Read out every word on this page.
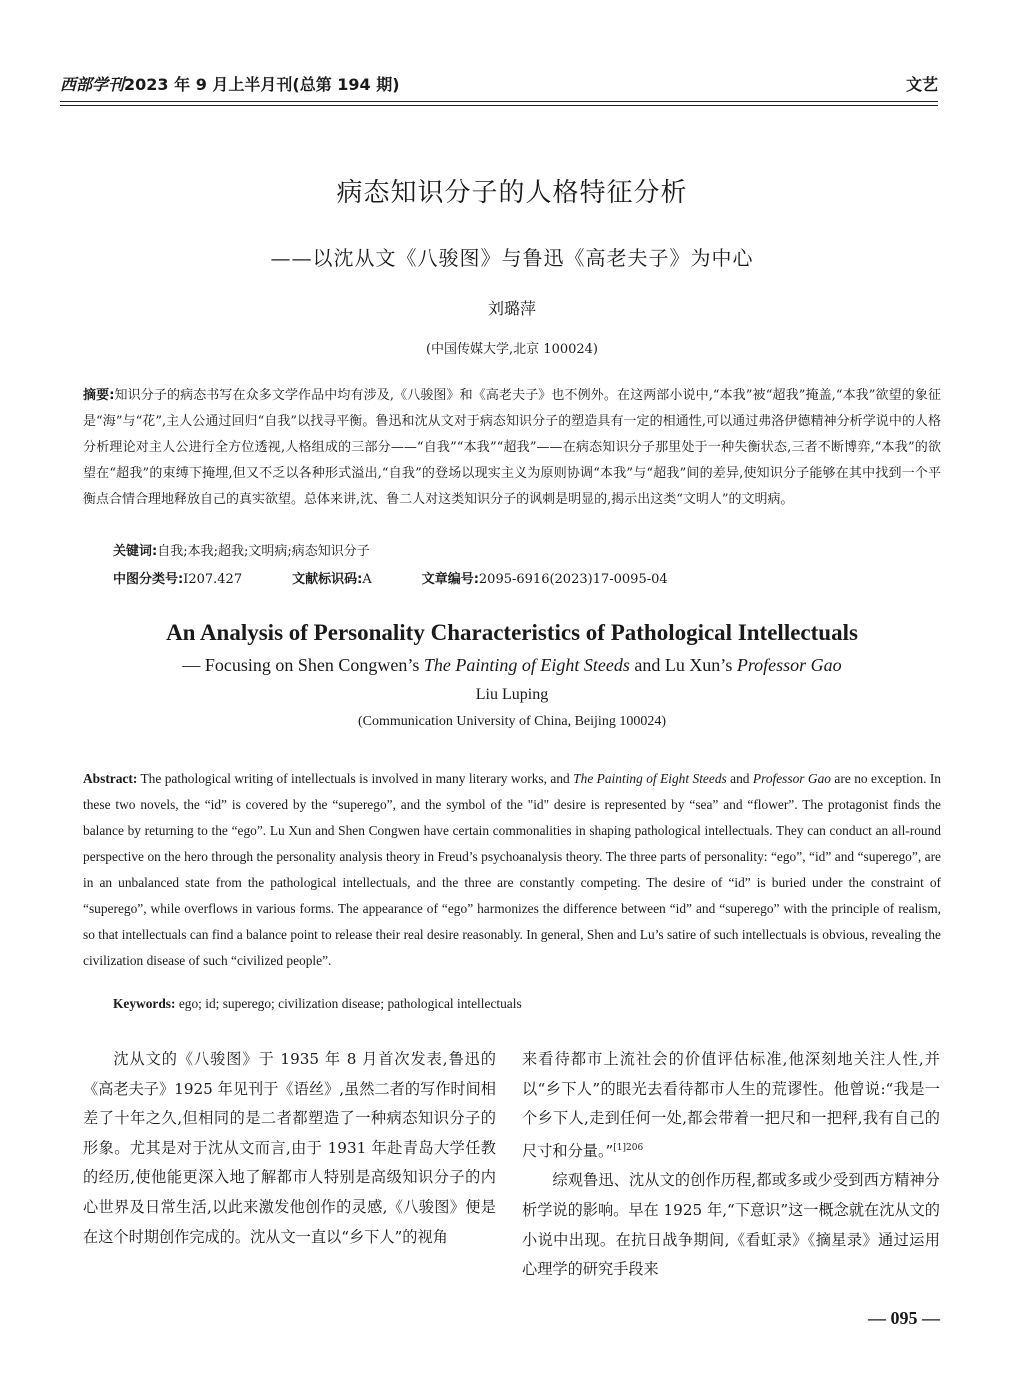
西部学刊2023 年 9 月上半月刊(总第 194 期)	文艺
病态知识分子的人格特征分析
——以沈从文《八骏图》与鲁迅《高老夫子》为中心
刘璐萍
(中国传媒大学,北京 100024)
摘要:知识分子的病态书写在众多文学作品中均有涉及,《八骏图》和《高老夫子》也不例外。在这两部小说中,“本我”被“超我”掩盖,“本我”欲望的象征是“海”与“花”,主人公通过回归“自我”以找寻平衡。鲁迅和沈从文对于病态知识分子的塑造具有一定的相通性,可以通过弗洛伊德精神分析学说中的人格分析理论对主人公进行全方位透视,人格组成的三部分——“自我”“本我”“超我”——在病态知识分子那里处于一种失衡状态,三者不断博弈,“本我”的欲望在“超我”的束缚下掩埋,但又不乏以各种形式溢出,“自我”的登场以现实主义为原则协调“本我”与“超我”间的差异,使知识分子能够在其中找到一个平衡点合情合理地释放自己的真实欲望。总体来讲,沈、鲁二人对这类知识分子的讽刺是明显的,揭示出这类“文明人”的文明病。
关键词:自我;本我;超我;文明病;病态知识分子
中图分类号:I207.427	文献标识码:A	文章编号:2095-6916(2023)17-0095-04
An Analysis of Personality Characteristics of Pathological Intellectuals
— Focusing on Shen Congwen’s The Painting of Eight Steeds and Lu Xun’s Professor Gao
Liu Luping
(Communication University of China, Beijing 100024)
Abstract: The pathological writing of intellectuals is involved in many literary works, and The Painting of Eight Steeds and Professor Gao are no exception. In these two novels, the “id” is covered by the “superego”, and the symbol of the "id" desire is represented by “sea” and “flower”. The protagonist finds the balance by returning to the “ego”. Lu Xun and Shen Congwen have certain commonalities in shaping pathological intellectuals. They can conduct an all-round perspective on the hero through the personality analysis theory in Freud’s psychoanalysis theory. The three parts of personality: “ego”, “id” and “superego”, are in an unbalanced state from the pathological intellectuals, and the three are constantly competing. The desire of “id” is buried under the constraint of “superego”, while overflows in various forms. The appearance of “ego” harmonizes the difference between “id” and “superego” with the principle of realism, so that intellectuals can find a balance point to release their real desire reasonably. In general, Shen and Lu’s satire of such intellectuals is obvious, revealing the civilization disease of such “civilized people”.
Keywords: ego; id; superego; civilization disease; pathological intellectuals

沈从文的《八骏图》于 1935 年 8 月首次发表,鲁迅的《高老夫子》1925 年见刊于《语丝》,虽然二者的写作时间相差了十年之久,但相同的是二者都塑造了一种病态知识分子的形象。尤其是对于沈从文而言,由于 1931 年赴青岛大学任教的经历,使他能更深入地了解都市人特别是高级知识分子的内心世界及日常生活,以此来激发他创作的灵感,《八骏图》便是在这个时期创作完成的。沈从文一直以“乡下人”的视角

来看待都市上流社会的价值评估标准,他深刻地关注人性,并以“乡下人”的眼光去看待都市人生的荒谬性。他曾说:“我是一个乡下人,走到任何一处,都会带着一把尺和一把秤,我有自己的尺寸和分量。”$^{[1]206}$

综观鲁迅、沈从文的创作历程,都或多或少受到西方精神分析学说的影响。早在 1925 年,“下意识”这一概念就在沈从文的小说中出现。在抗日战争期间,《看虹录》《摘星录》通过运用心理学的研究手段来

— 095 —
